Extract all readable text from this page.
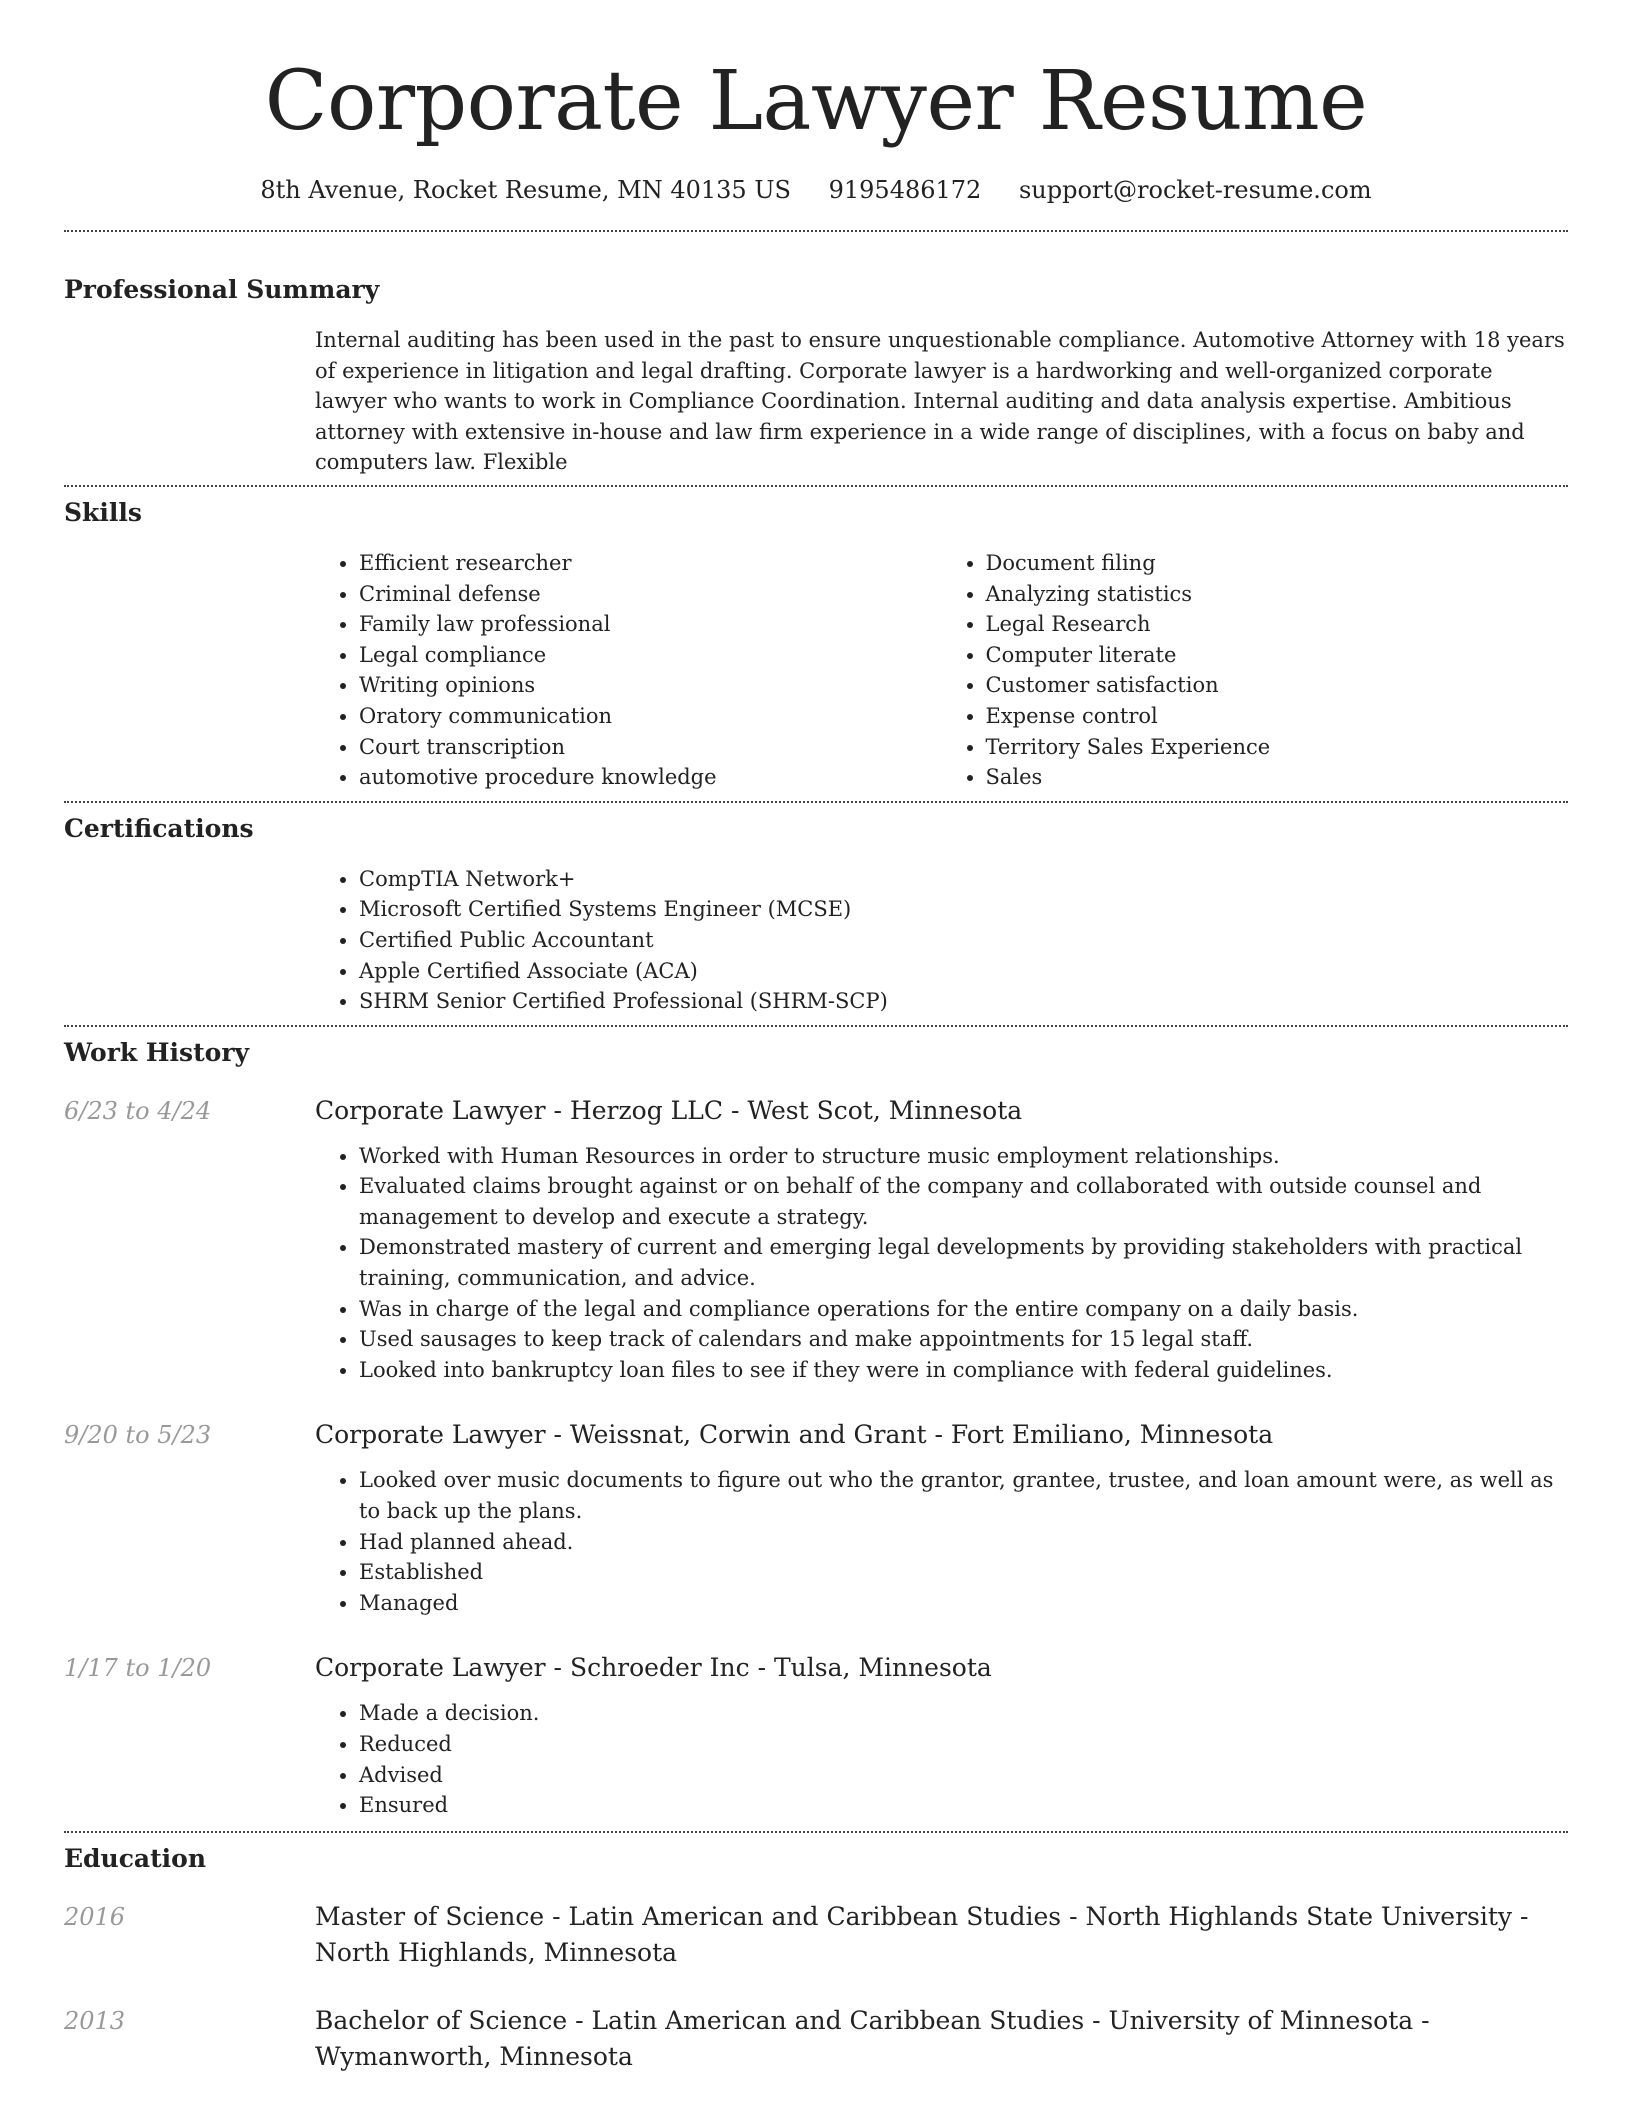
Corporate Lawyer Resume
8th Avenue, Rocket Resume, MN 40135 US 9195486172 support@rocket-resume.com
Professional Summary
Internal auditing has been used in the past to ensure unquestionable compliance. Automotive Attorney with 18 years of experience in litigation and legal drafting. Corporate lawyer is a hardworking and well-organized corporate lawyer who wants to work in Compliance Coordination. Internal auditing and data analysis expertise. Ambitious attorney with extensive in-house and law firm experience in a wide range of disciplines, with a focus on baby and computers law. Flexible
Skills
• Efficient researcher
• Criminal defense
• Family law professional
• Legal compliance
• Writing opinions
• Oratory communication
• Court transcription
• automotive procedure knowledge
• Document filing
• Analyzing statistics
• Legal Research
• Computer literate
• Customer satisfaction
• Expense control
• Territory Sales Experience
• Sales
Certifications
• CompTIA Network+
• Microsoft Certified Systems Engineer (MCSE)
• Certified Public Accountant
• Apple Certified Associate (ACA)
• SHRM Senior Certified Professional (SHRM-SCP)
Work History
6/23 to 4/24	Corporate Lawyer - Herzog LLC - West Scot, Minnesota
• Worked with Human Resources in order to structure music employment relationships.
• Evaluated claims brought against or on behalf of the company and collaborated with outside counsel and management to develop and execute a strategy.
• Demonstrated mastery of current and emerging legal developments by providing stakeholders with practical training, communication, and advice.
• Was in charge of the legal and compliance operations for the entire company on a daily basis.
• Used sausages to keep track of calendars and make appointments for 15 legal staff.
• Looked into bankruptcy loan files to see if they were in compliance with federal guidelines.
9/20 to 5/23	Corporate Lawyer - Weissnat, Corwin and Grant - Fort Emiliano, Minnesota
• Looked over music documents to figure out who the grantor, grantee, trustee, and loan amount were, as well as to back up the plans.
• Had planned ahead.
• Established
• Managed
1/17 to 1/20	Corporate Lawyer - Schroeder Inc - Tulsa, Minnesota
• Made a decision.
• Reduced
• Advised
• Ensured
Education
2016	Master of Science - Latin American and Caribbean Studies - North Highlands State University - North Highlands, Minnesota
2013	Bachelor of Science - Latin American and Caribbean Studies - University of Minnesota - Wymanworth, Minnesota
